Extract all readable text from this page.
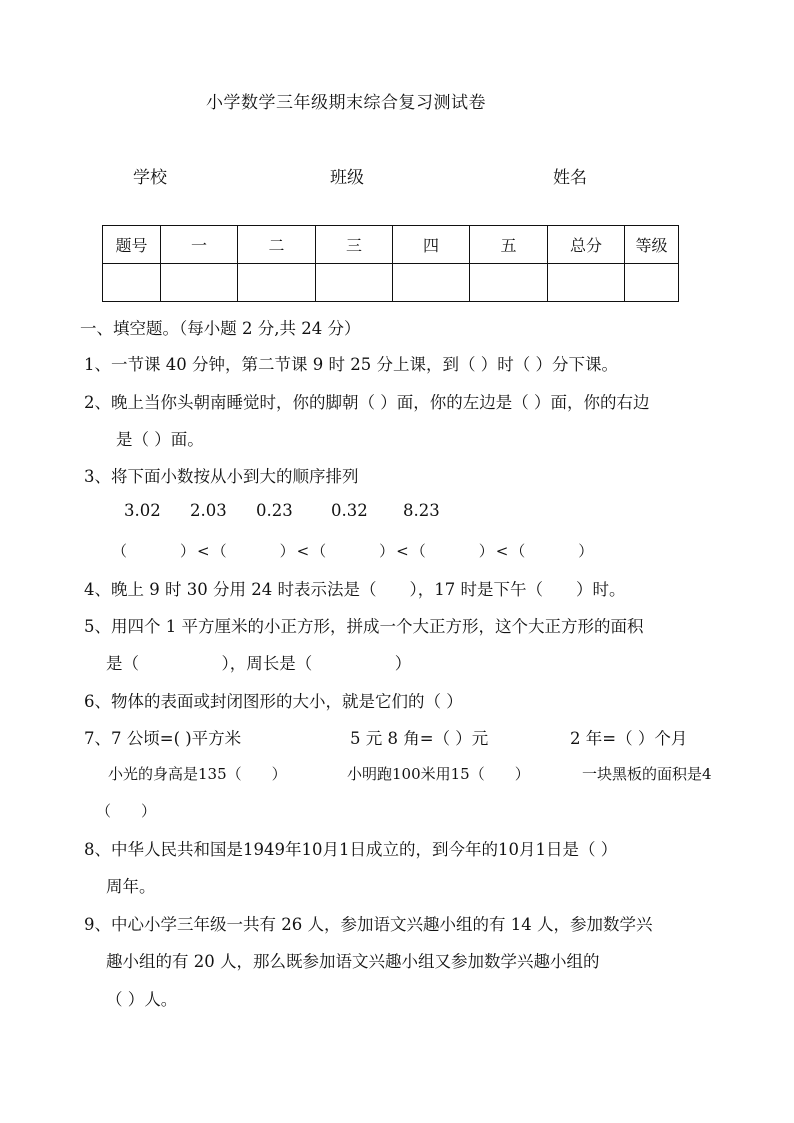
小学数学三年级期末综合复习测试卷
学校	班级	姓名
题号	一	二	三	四	五	总分	等级

一、填空题。（每小题 2 分,共 24 分）
1、一节课 40 分钟，第二节课 9 时 25 分上课，到（ ）时（ ）分下课。
2、晚上当你头朝南睡觉时，你的脚朝（ ）面，你的左边是（ ）面，你的右边
是（ ）面。
3、将下面小数按从小到大的顺序排列
3.02 2.03 0.23 0.32 8.23
（　　　）<（　　　）<（　　　）<（　　　）<（　　　）
4、晚上 9 时 30 分用 24 时表示法是（　　），17 时是下午（　　）时。
5、用四个 1 平方厘米的小正方形，拼成一个大正方形，这个大正方形的面积
是（　　　　　），周长是（　　　　　）
6、物体的表面或封闭图形的大小，就是它们的（ ）
7、7 公顷=( )平方米	5 元 8 角=（ ）元	2 年=（ ）个月
小光的身高是135（　　）	小明跑100米用15（　　）	一块黑板的面积是4
（　　）
8、中华人民共和国是1949年10月1日成立的，到今年的10月1日是（ ）
周年。
9、中心小学三年级一共有 26 人，参加语文兴趣小组的有 14 人，参加数学兴
趣小组的有 20 人，那么既参加语文兴趣小组又参加数学兴趣小组的
（ ）人。
